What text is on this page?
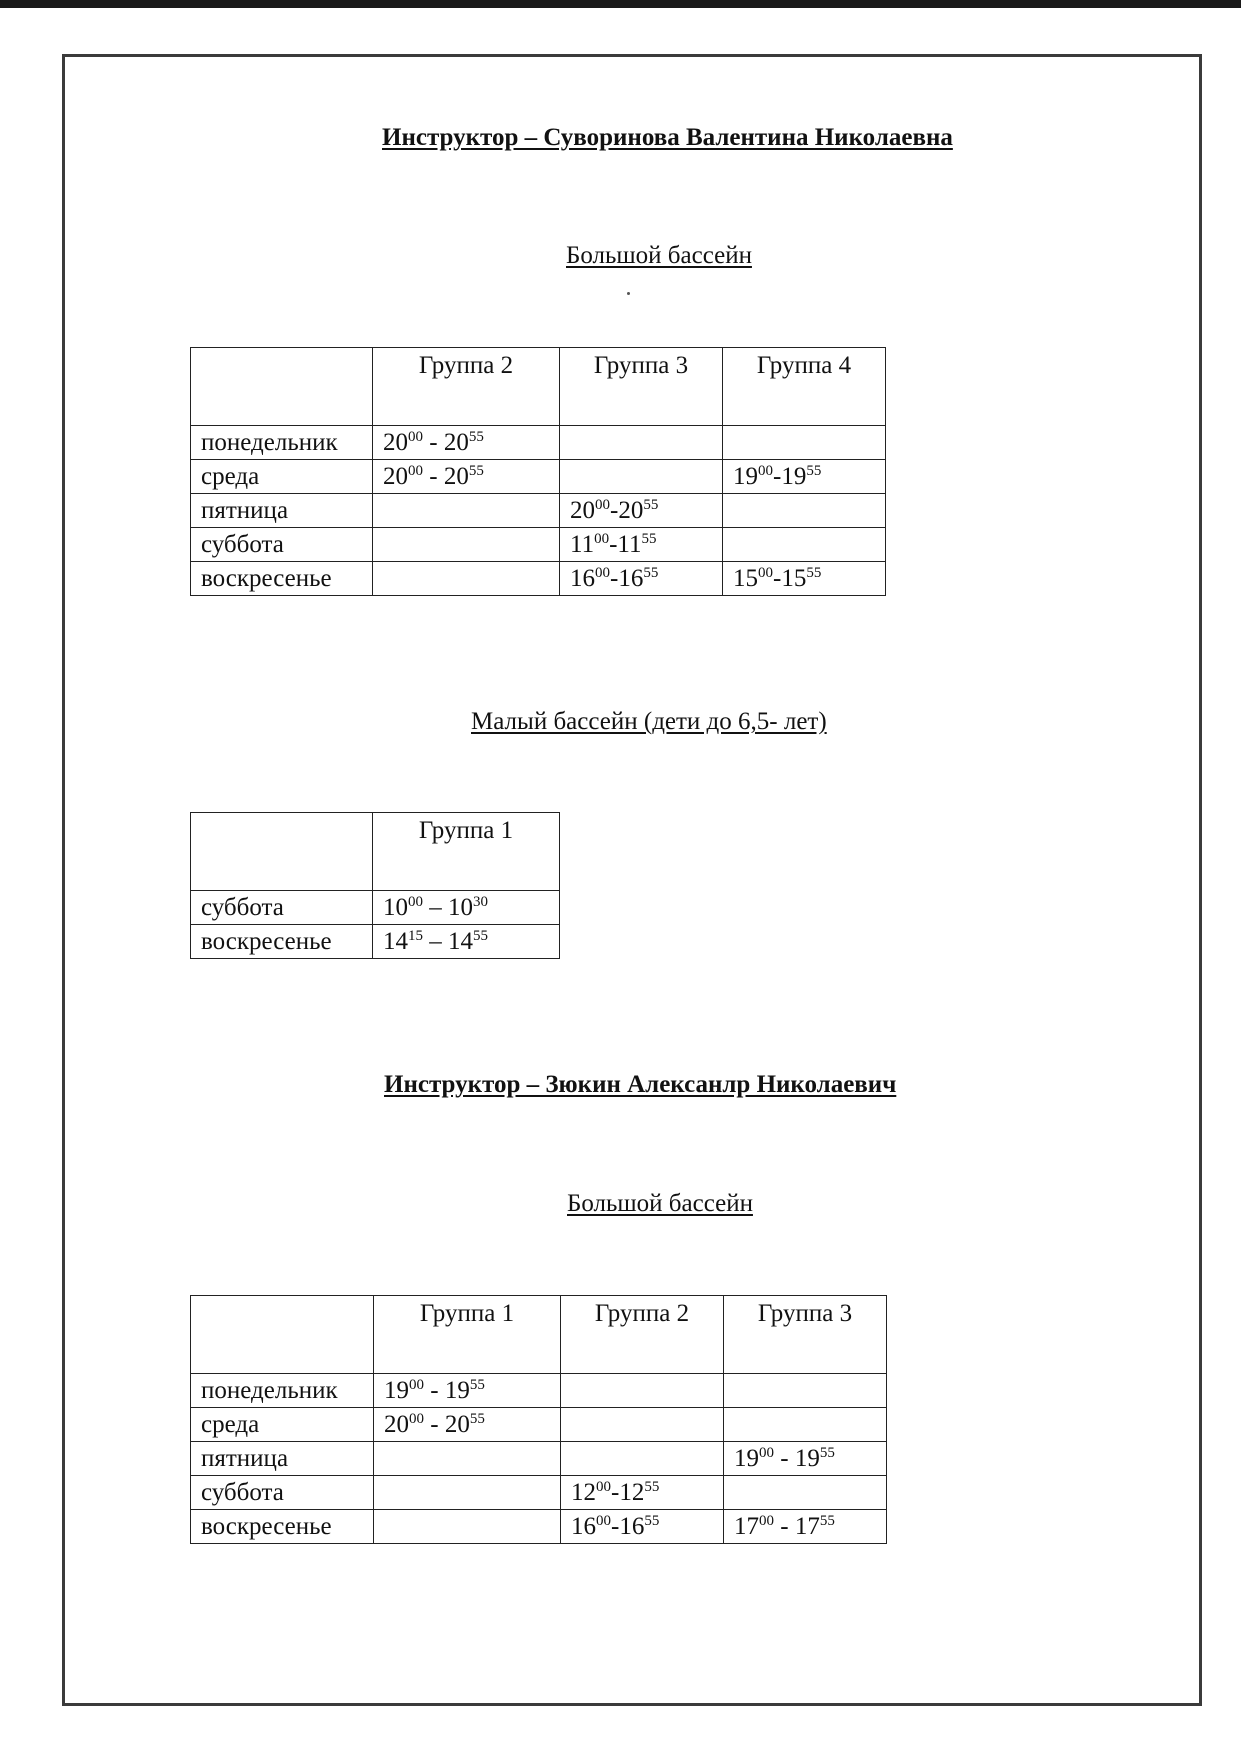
Инструктор – Суворинова Валентина Николаевна
Большой бассейн
	Группа 2	Группа 3	Группа 4
понедельник	$20^{00} - 20^{55}$		
среда	$20^{00} - 20^{55}$		$19^{00}-19^{55}$
пятница		$20^{00}-20^{55}$	
суббота		$11^{00}-11^{55}$	
воскресенье		$16^{00}-16^{55}$	$15^{00}-15^{55}$
Малый бассейн (дети до 6,5- лет)
	Группа 1
суббота	$10^{00} - 10^{30}$
воскресенье	$14^{15} - 14^{55}$
Инструктор – Зюкин Алексанлр Николаевич
Большой бассейн
	Группа 1	Группа 2	Группа 3
понедельник	$19^{00} - 19^{55}$		
среда	$20^{00} - 20^{55}$		
пятница			$19^{00} - 19^{55}$
суббота		$12^{00}-12^{55}$	
воскресенье		$16^{00}-16^{55}$	$17^{00} - 17^{55}$
